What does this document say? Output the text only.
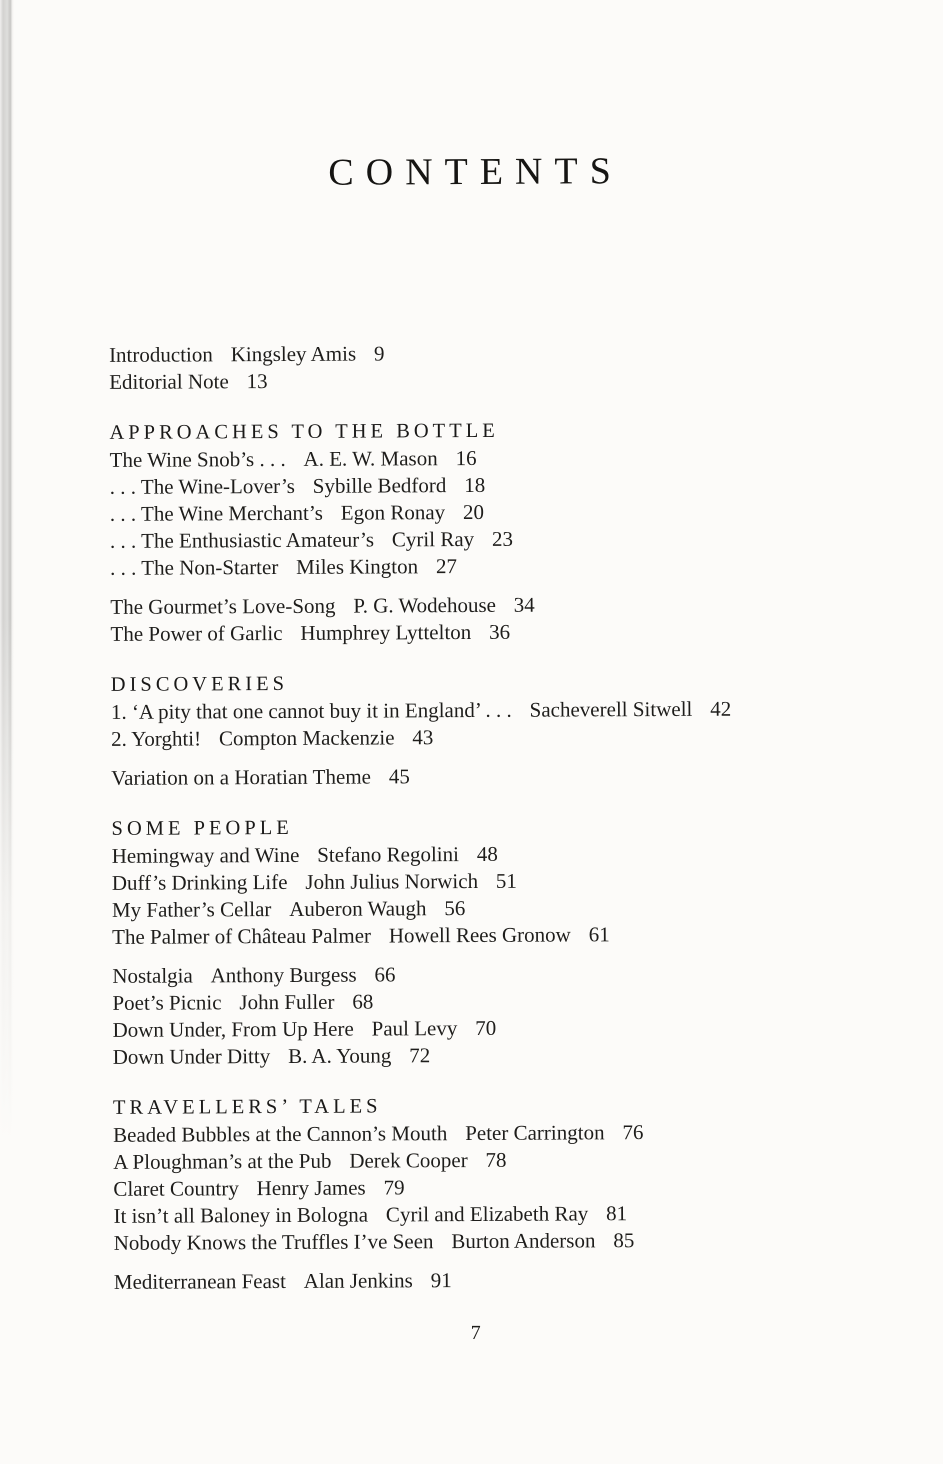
CONTENTS

Introduction Kingsley Amis 9

Editorial Note 13

APPROACHES TO THE BOTTLE

The Wine Snob’s . . . A. E. W. Mason 16

. . . The Wine-Lover’s Sybille Bedford 18

. . . The Wine Merchant’s Egon Ronay 20

. . . The Enthusiastic Amateur’s Cyril Ray 23

. . . The Non-Starter Miles Kington 27

The Gourmet’s Love-Song P. G. Wodehouse 34

The Power of Garlic Humphrey Lyttelton 36

DISCOVERIES

1. ‘A pity that one cannot buy it in England’ . . . Sacheverell Sitwell 42

2. Yorghti! Compton Mackenzie 43

Variation on a Horatian Theme 45

SOME PEOPLE

Hemingway and Wine Stefano Regolini 48

Duff’s Drinking Life John Julius Norwich 51

My Father’s Cellar Auberon Waugh 56

The Palmer of Château Palmer Howell Rees Gronow 61

Nostalgia Anthony Burgess 66

Poet’s Picnic John Fuller 68

Down Under, From Up Here Paul Levy 70

Down Under Ditty B. A. Young 72

TRAVELLERS’ TALES

Beaded Bubbles at the Cannon’s Mouth Peter Carrington 76

A Ploughman’s at the Pub Derek Cooper 78

Claret Country Henry James 79

It isn’t all Baloney in Bologna Cyril and Elizabeth Ray 81

Nobody Knows the Truffles I’ve Seen Burton Anderson 85

Mediterranean Feast Alan Jenkins 91

7
